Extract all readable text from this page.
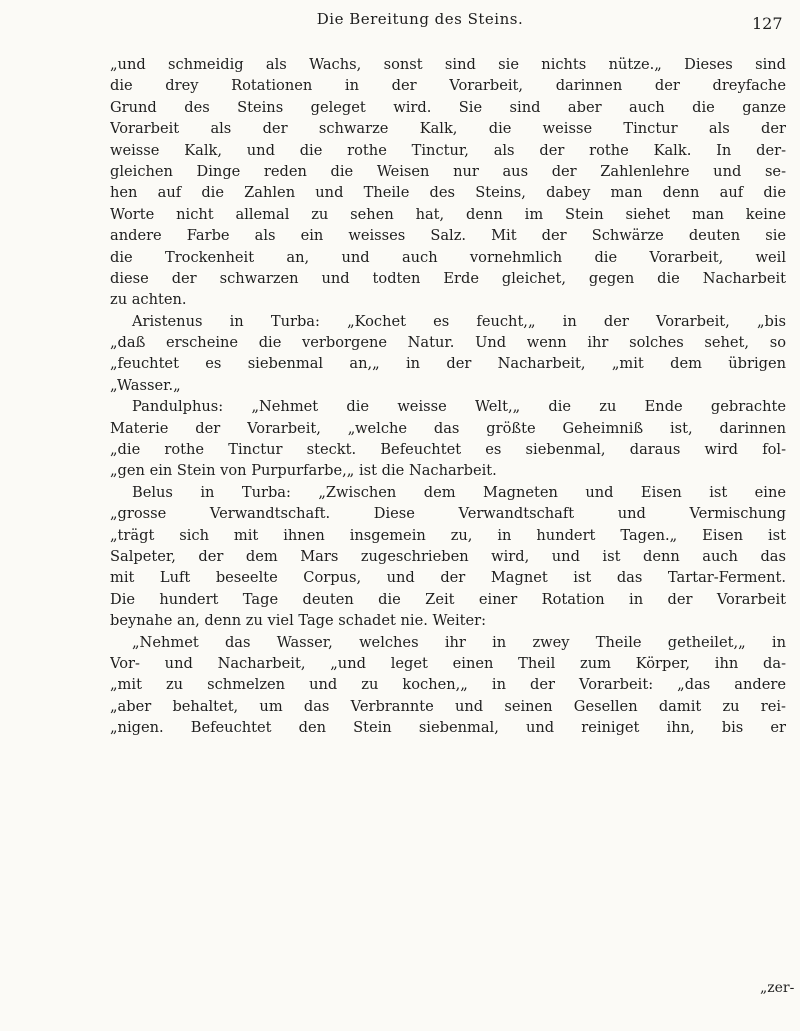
Die Bereitung des Steins.	127
„und schmeidig als Wachs, sonst sind sie nichts nütze.„ Dieses sind
die drey Rotationen in der Vorarbeit, darinnen der dreyfache
Grund des Steins geleget wird. Sie sind aber auch die ganze
Vorarbeit als der schwarze Kalk, die weisse Tinctur als der
weisse Kalk, und die rothe Tinctur, als der rothe Kalk. In der-
gleichen Dinge reden die Weisen nur aus der Zahlenlehre und se-
hen auf die Zahlen und Theile des Steins, dabey man denn auf die
Worte nicht allemal zu sehen hat, denn im Stein siehet man keine
andere Farbe als ein weisses Salz. Mit der Schwärze deuten sie
die Trockenheit an, und auch vornehmlich die Vorarbeit, weil
diese der schwarzen und todten Erde gleichet, gegen die Nacharbeit
zu achten.
Aristenus in Turba: „Kochet es feucht,„ in der Vorarbeit, „bis
„daß erscheine die verborgene Natur. Und wenn ihr solches sehet, so
„feuchtet es siebenmal an,„ in der Nacharbeit, „mit dem übrigen
„Wasser.„
Pandulphus: „Nehmet die weisse Welt,„ die zu Ende gebrachte
Materie der Vorarbeit, „welche das größte Geheimniß ist, darinnen
„die rothe Tinctur steckt. Befeuchtet es siebenmal, daraus wird fol-
„gen ein Stein von Purpurfarbe,„ ist die Nacharbeit.
Belus in Turba: „Zwischen dem Magneten und Eisen ist eine
„grosse Verwandtschaft. Diese Verwandtschaft und Vermischung
„trägt sich mit ihnen insgemein zu, in hundert Tagen.„ Eisen ist
Salpeter, der dem Mars zugeschrieben wird, und ist denn auch das
mit Luft beseelte Corpus, und der Magnet ist das Tartar-Ferment.
Die hundert Tage deuten die Zeit einer Rotation in der Vorarbeit
beynahe an, denn zu viel Tage schadet nie. Weiter:
„Nehmet das Wasser, welches ihr in zwey Theile getheilet,„ in
Vor- und Nacharbeit, „und leget einen Theil zum Körper, ihn da-
„mit zu schmelzen und zu kochen,„ in der Vorarbeit: „das andere
„aber behaltet, um das Verbrannte und seinen Gesellen damit zu rei-
„nigen. Befeuchtet den Stein siebenmal, und reiniget ihn, bis er
„zer-
